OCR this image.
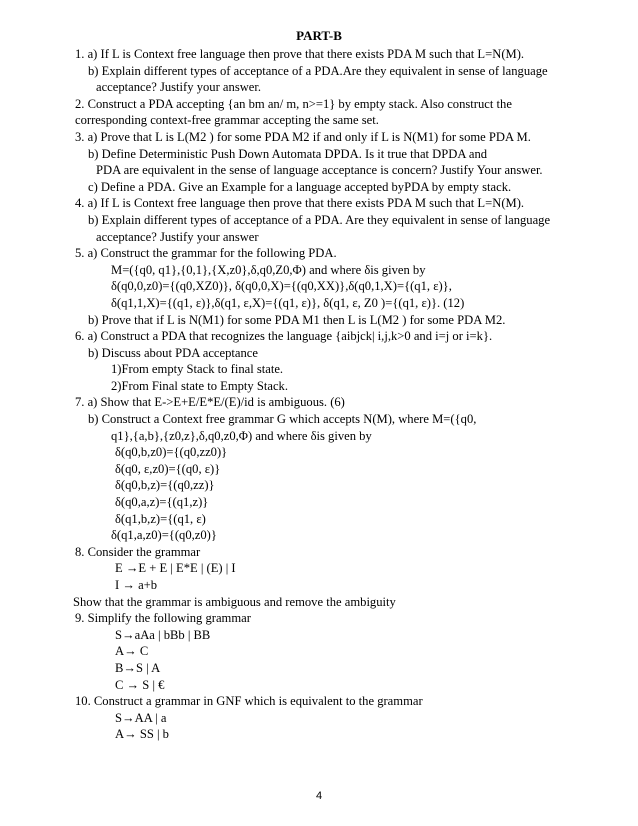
PART-B
1. a) If L is Context free language then prove that there exists PDA M such that L=N(M).
b) Explain different types of acceptance of a PDA.Are they equivalent in sense of language
acceptance? Justify your answer.
2. Construct a PDA accepting {an bm an/ m, n>=1} by empty stack. Also construct the
corresponding context-free grammar accepting the same set.
3. a) Prove that L is L(M2 ) for some PDA M2 if and only if L is N(M1) for some PDA M.
b) Define Deterministic Push Down Automata DPDA. Is it true that DPDA and
PDA are equivalent in the sense of language acceptance is concern? Justify Your answer.
c) Define a PDA. Give an Example for a language accepted byPDA by empty stack.
4. a) If L is Context free language then prove that there exists PDA M such that L=N(M).
b) Explain different types of acceptance of a PDA. Are they equivalent in sense of language
acceptance? Justify your answer
5. a) Construct the grammar for the following PDA.
M=({q0, q1},{0,1},{X,z0},δ,q0,Z0,Φ) and where δis given by
δ(q0,0,z0)={(q0,XZ0)}, δ(q0,0,X)={(q0,XX)},δ(q0,1,X)={(q1, ε)},
δ(q1,1,X)={(q1, ε)},δ(q1, ε,X)={(q1, ε)}, δ(q1, ε, Z0 )={(q1, ε)}. (12)
b) Prove that if L is N(M1) for some PDA M1 then L is L(M2 ) for some PDA M2.
6. a) Construct a PDA that recognizes the language {aibjck| i,j,k>0 and i=j or i=k}.
b) Discuss about PDA acceptance
1)From empty Stack to final state.
2)From Final state to Empty Stack.
7. a) Show that E->E+E/E*E/(E)/id is ambiguous. (6)
b) Construct a Context free grammar G which accepts N(M), where M=({q0,
q1},{a,b},{z0,z},δ,q0,z0,Φ) and where δis given by
δ(q0,b,z0)={(q0,zz0)}
δ(q0, ε,z0)={(q0, ε)}
δ(q0,b,z)={(q0,zz)}
δ(q0,a,z)={(q1,z)}
δ(q1,b,z)={(q1, ε)
δ(q1,a,z0)={(q0,z0)}
8. Consider the grammar
E →E + E | E*E | (E) | I
I → a+b
Show that the grammar is ambiguous and remove the ambiguity
9. Simplify the following grammar
S→aAa | bBb | BB
A→ C
B→S | A
C → S | €
10. Construct a grammar in GNF which is equivalent to the grammar
S→AA | a
A→ SS | b
4
